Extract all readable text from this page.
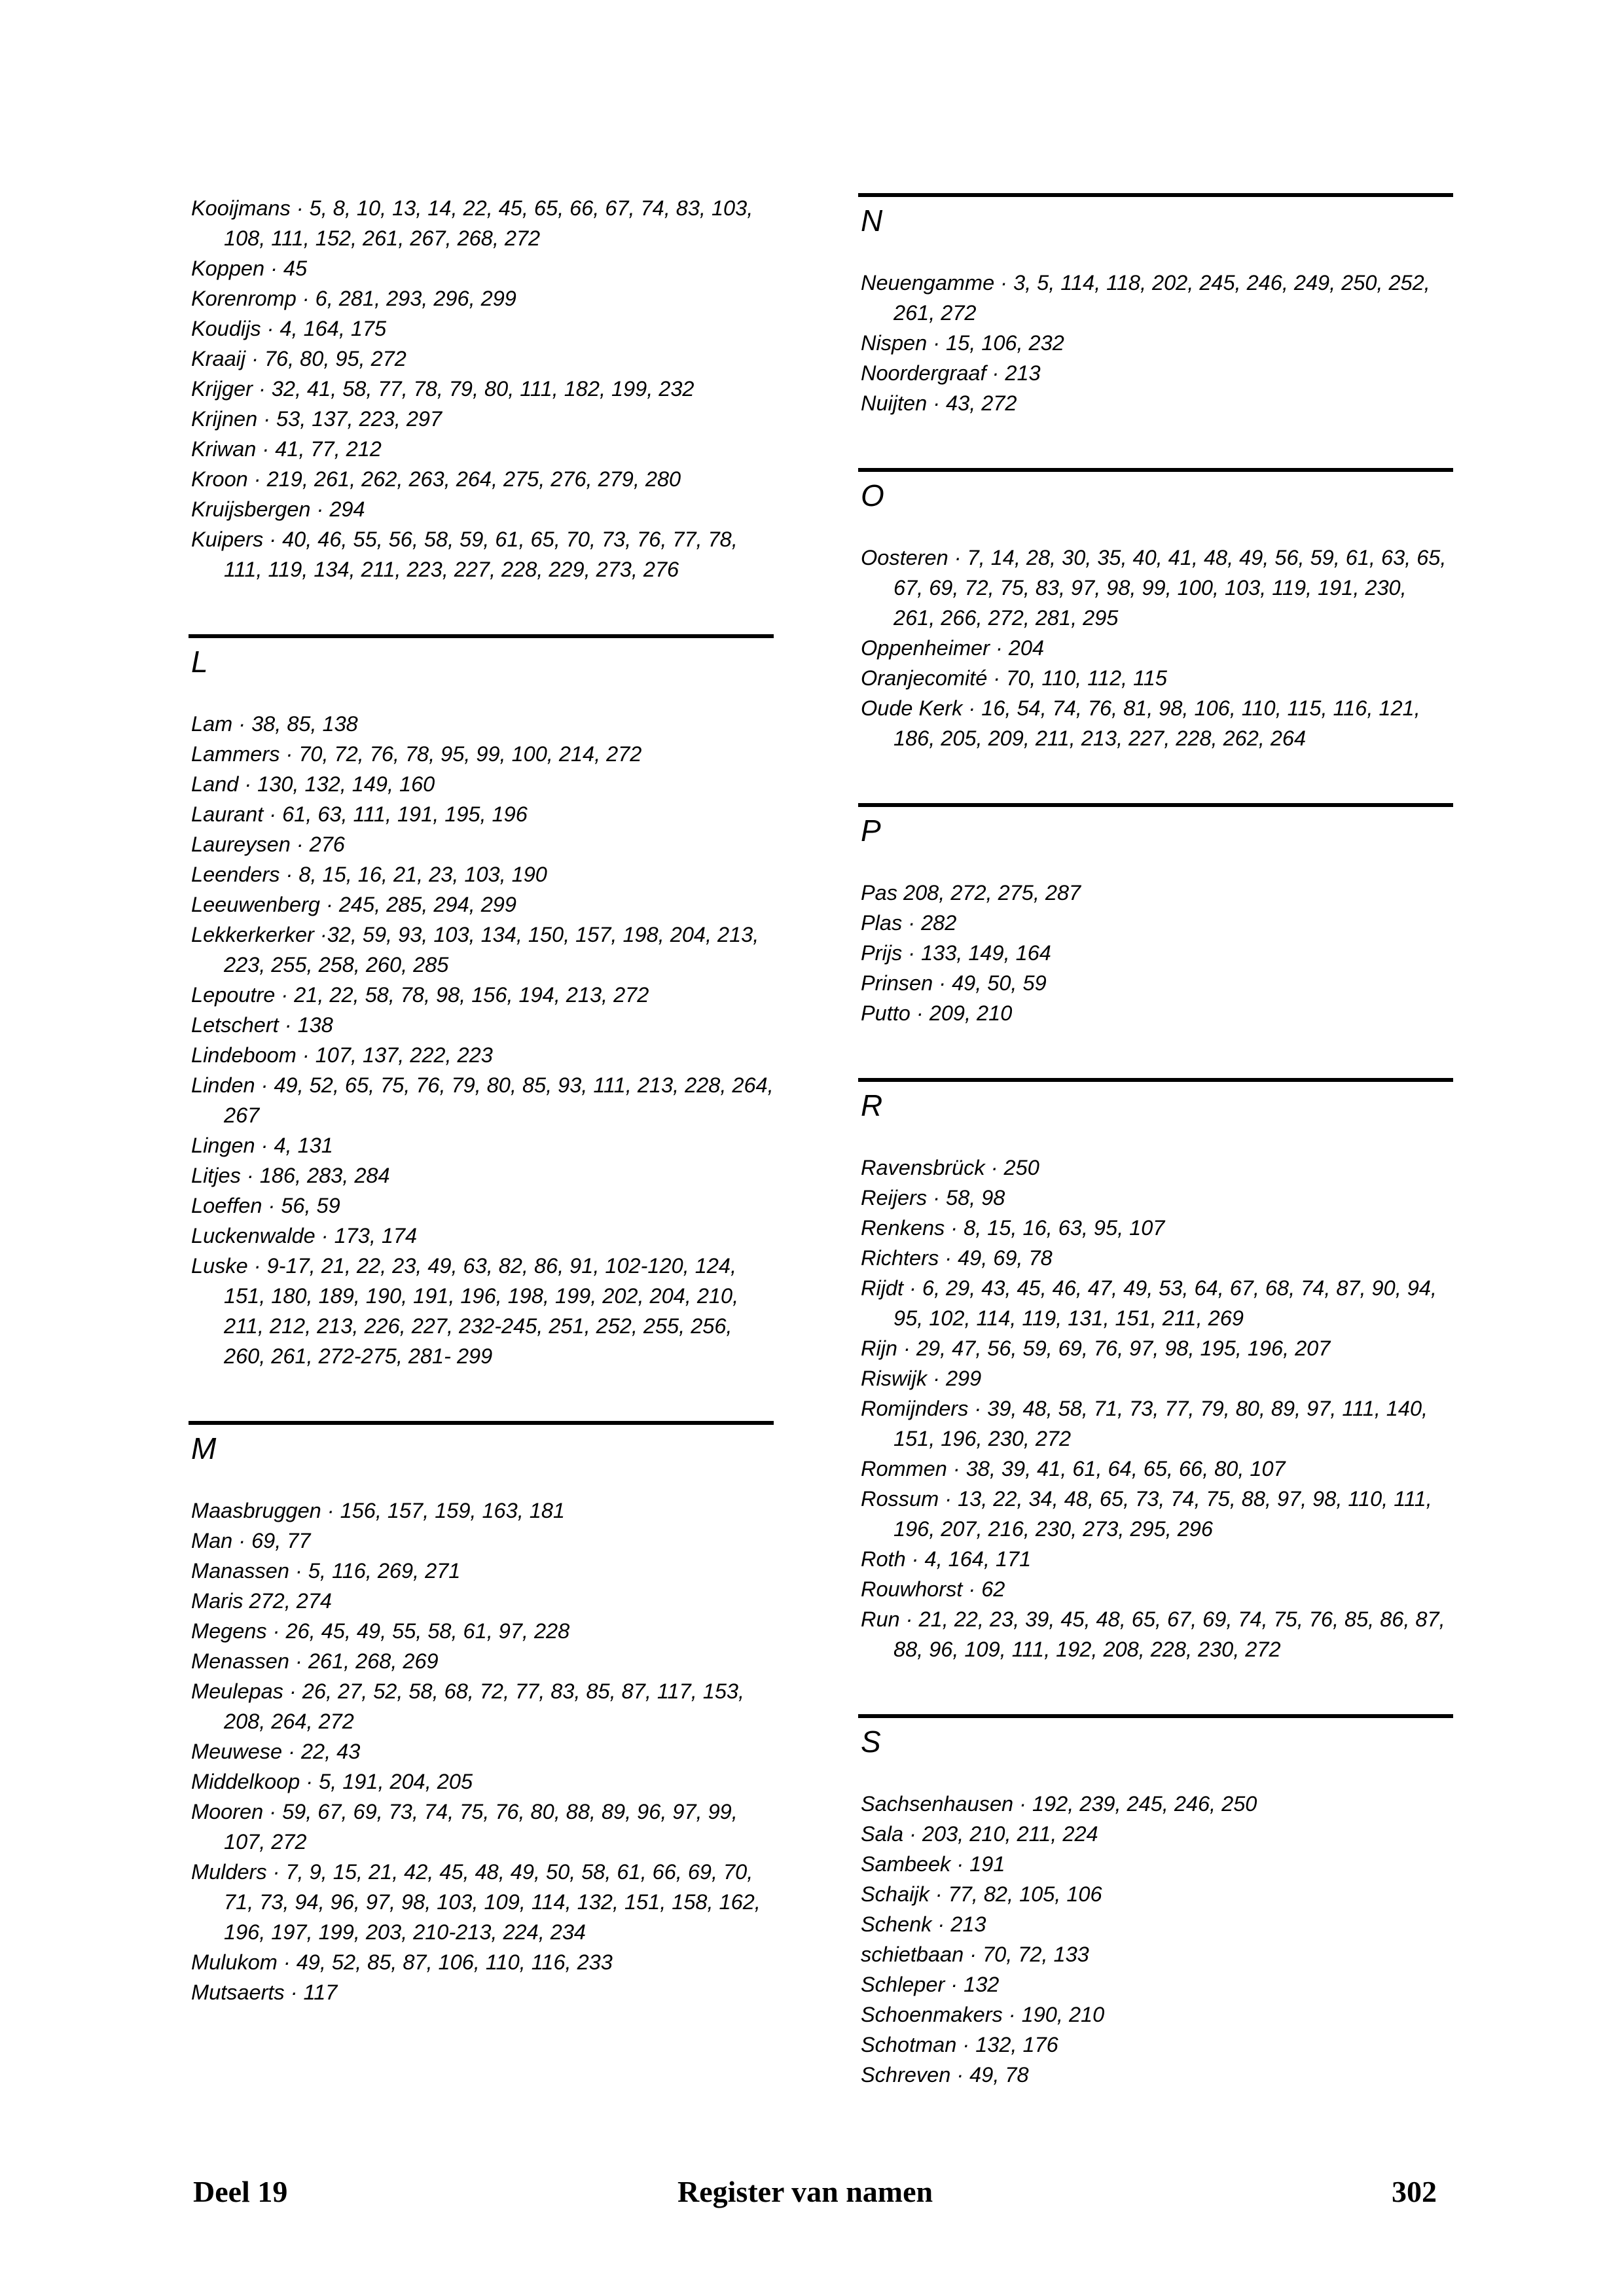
Kooijmans · 5, 8, 10, 13, 14, 22, 45, 65, 66, 67, 74, 83, 103, 108, 111, 152, 261, 267, 268, 272
Koppen · 45
Korenromp · 6, 281, 293, 296, 299
Koudijs · 4, 164, 175
Kraaij · 76, 80, 95, 272
Krijger · 32, 41, 58, 77, 78, 79, 80, 111, 182, 199, 232
Krijnen · 53, 137, 223, 297
Kriwan · 41, 77, 212
Kroon · 219, 261, 262, 263, 264, 275, 276, 279, 280
Kruijsbergen · 294
Kuipers · 40, 46, 55, 56, 58, 59, 61, 65, 70, 73, 76, 77, 78, 111, 119, 134, 211, 223, 227, 228, 229, 273, 276
L
Lam · 38, 85, 138
Lammers · 70, 72, 76, 78, 95, 99, 100, 214, 272
Land · 130, 132, 149, 160
Laurant · 61, 63, 111, 191, 195, 196
Laureysen · 276
Leenders · 8, 15, 16, 21, 23, 103, 190
Leeuwenberg · 245, 285, 294, 299
Lekkerkerker ·32, 59, 93, 103, 134, 150, 157, 198, 204, 213, 223, 255, 258, 260, 285
Lepoutre · 21, 22, 58, 78, 98, 156, 194, 213, 272
Letschert · 138
Lindeboom · 107, 137, 222, 223
Linden · 49, 52, 65, 75, 76, 79, 80, 85, 93, 111, 213, 228, 264, 267
Lingen · 4, 131
Litjes · 186, 283, 284
Loeffen · 56, 59
Luckenwalde · 173, 174
Luske · 9-17, 21, 22, 23, 49, 63, 82, 86, 91, 102-120, 124, 151, 180, 189, 190, 191, 196, 198, 199, 202, 204, 210, 211, 212, 213, 226, 227, 232-245, 251, 252, 255, 256, 260, 261, 272-275, 281- 299
M
Maasbruggen · 156, 157, 159, 163, 181
Man · 69, 77
Manassen · 5, 116, 269, 271
Maris 272, 274
Megens · 26, 45, 49, 55, 58, 61, 97, 228
Menassen · 261, 268, 269
Meulepas · 26, 27, 52, 58, 68, 72, 77, 83, 85, 87, 117, 153, 208, 264, 272
Meuwese · 22, 43
Middelkoop · 5, 191, 204, 205
Mooren · 59, 67, 69, 73, 74, 75, 76, 80, 88, 89, 96, 97, 99, 107, 272
Mulders · 7, 9, 15, 21, 42, 45, 48, 49, 50, 58, 61, 66, 69, 70, 71, 73, 94, 96, 97, 98, 103, 109, 114, 132, 151, 158, 162, 196, 197, 199, 203, 210-213, 224, 234
Mulukom · 49, 52, 85, 87, 106, 110, 116, 233
Mutsaerts · 117
N
Neuengamme · 3, 5, 114, 118, 202, 245, 246, 249, 250, 252, 261, 272
Nispen · 15, 106, 232
Noordergraaf · 213
Nuijten · 43, 272
O
Oosteren · 7, 14, 28, 30, 35, 40, 41, 48, 49, 56, 59, 61, 63, 65, 67, 69, 72, 75, 83, 97, 98, 99, 100, 103, 119, 191, 230, 261, 266, 272, 281, 295
Oppenheimer · 204
Oranjecomité · 70, 110, 112, 115
Oude Kerk · 16, 54, 74, 76, 81, 98, 106, 110, 115, 116, 121, 186, 205, 209, 211, 213, 227, 228, 262, 264
P
Pas 208, 272, 275, 287
Plas · 282
Prijs · 133, 149, 164
Prinsen · 49, 50, 59
Putto · 209, 210
R
Ravensbrück · 250
Reijers · 58, 98
Renkens · 8, 15, 16, 63, 95, 107
Richters · 49, 69, 78
Rijdt · 6, 29, 43, 45, 46, 47, 49, 53, 64, 67, 68, 74, 87, 90, 94, 95, 102, 114, 119, 131, 151, 211, 269
Rijn · 29, 47, 56, 59, 69, 76, 97, 98, 195, 196, 207
Riswijk · 299
Romijnders · 39, 48, 58, 71, 73, 77, 79, 80, 89, 97, 111, 140, 151, 196, 230, 272
Rommen · 38, 39, 41, 61, 64, 65, 66, 80, 107
Rossum · 13, 22, 34, 48, 65, 73, 74, 75, 88, 97, 98, 110, 111, 196, 207, 216, 230, 273, 295, 296
Roth · 4, 164, 171
Rouwhorst · 62
Run · 21, 22, 23, 39, 45, 48, 65, 67, 69, 74, 75, 76, 85, 86, 87, 88, 96, 109, 111, 192, 208, 228, 230, 272
S
Sachsenhausen · 192, 239, 245, 246, 250
Sala · 203, 210, 211, 224
Sambeek · 191
Schaijk · 77, 82, 105, 106
Schenk · 213
schietbaan · 70, 72, 133
Schleper · 132
Schoenmakers · 190, 210
Schotman · 132, 176
Schreven · 49, 78
Deel 19	Register van namen	302
